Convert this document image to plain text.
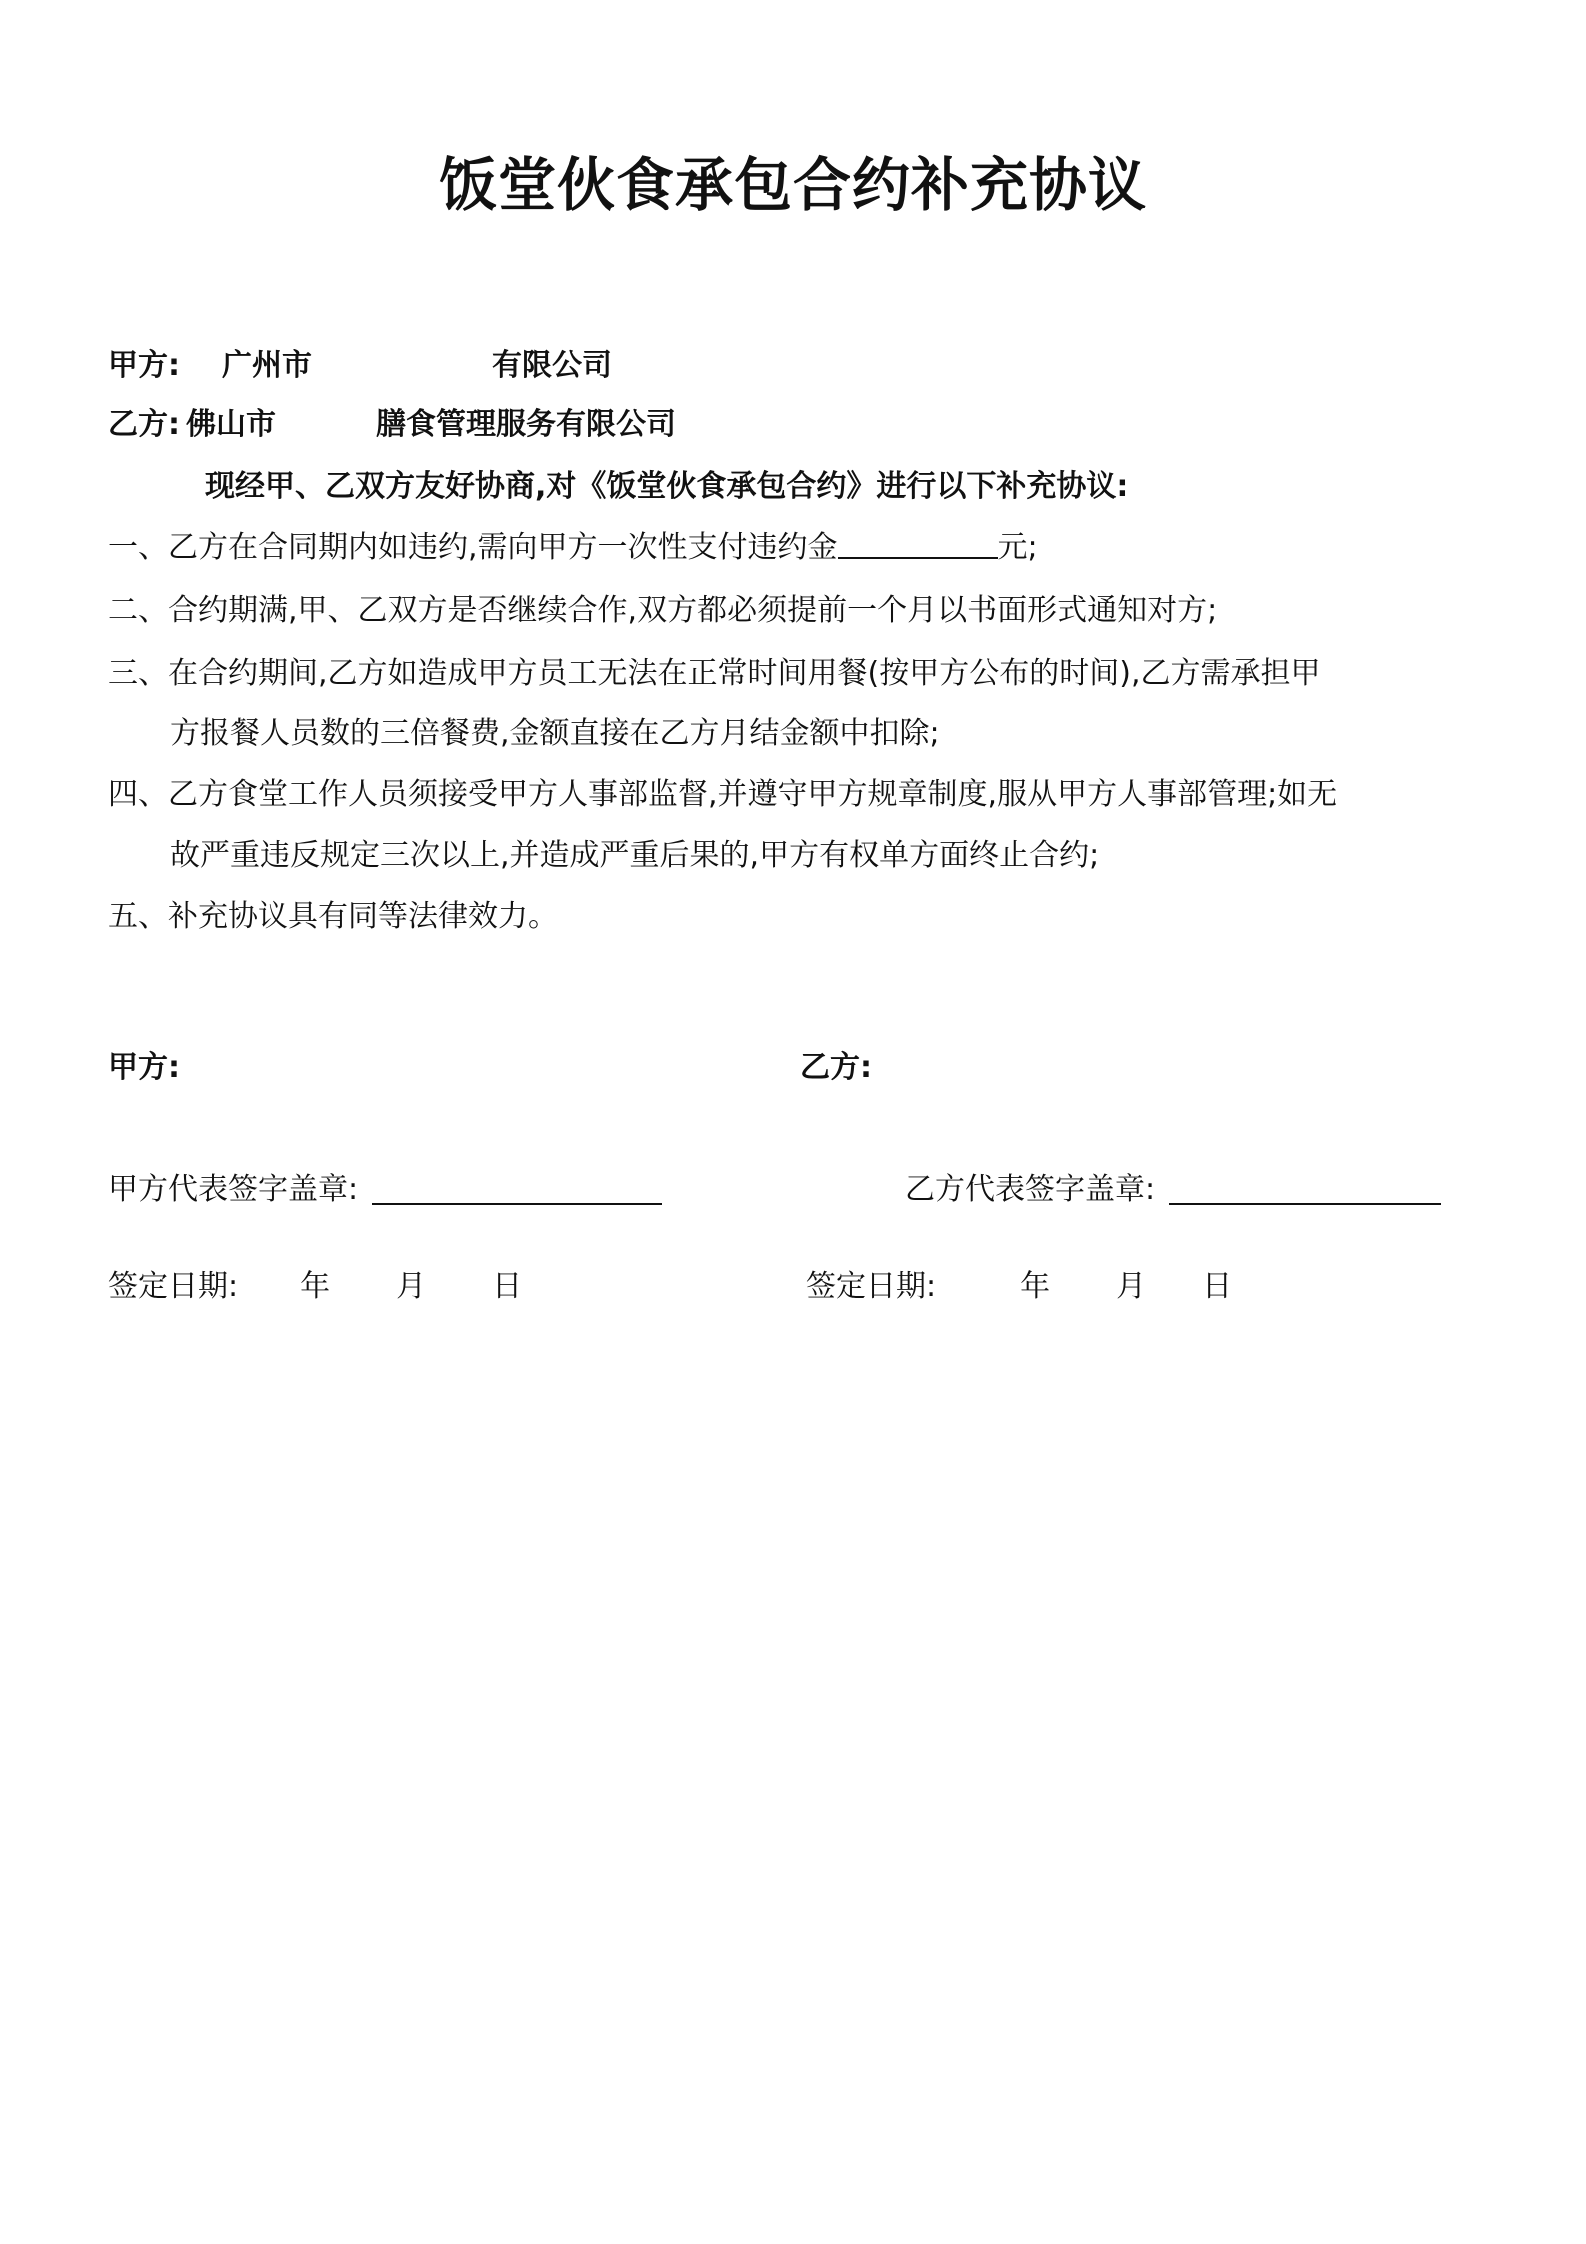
饭堂伙食承包合约补充协议
甲方: 广州市	有限公司
乙方: 佛山市	膳食管理服务有限公司
现经甲、乙双方友好协商,对《饭堂伙食承包合约》进行以下补充协议:
一、乙方在合同期内如违约,需向甲方一次性支付违约金	元;
二、合约期满,甲、乙双方是否继续合作,双方都必须提前一个月以书面形式通知对方;
三、在合约期间,乙方如造成甲方员工无法在正常时间用餐(按甲方公布的时间),乙方需承担甲
方报餐人员数的三倍餐费,金额直接在乙方月结金额中扣除;
四、乙方食堂工作人员须接受甲方人事部监督,并遵守甲方规章制度,服从甲方人事部管理;如无
故严重违反规定三次以上,并造成严重后果的,甲方有权单方面终止合约;
五、补充协议具有同等法律效力。
甲方:	乙方:
甲方代表签字盖章:	乙方代表签字盖章:
签定日期: 年 月 日	签定日期:	年 月 日
